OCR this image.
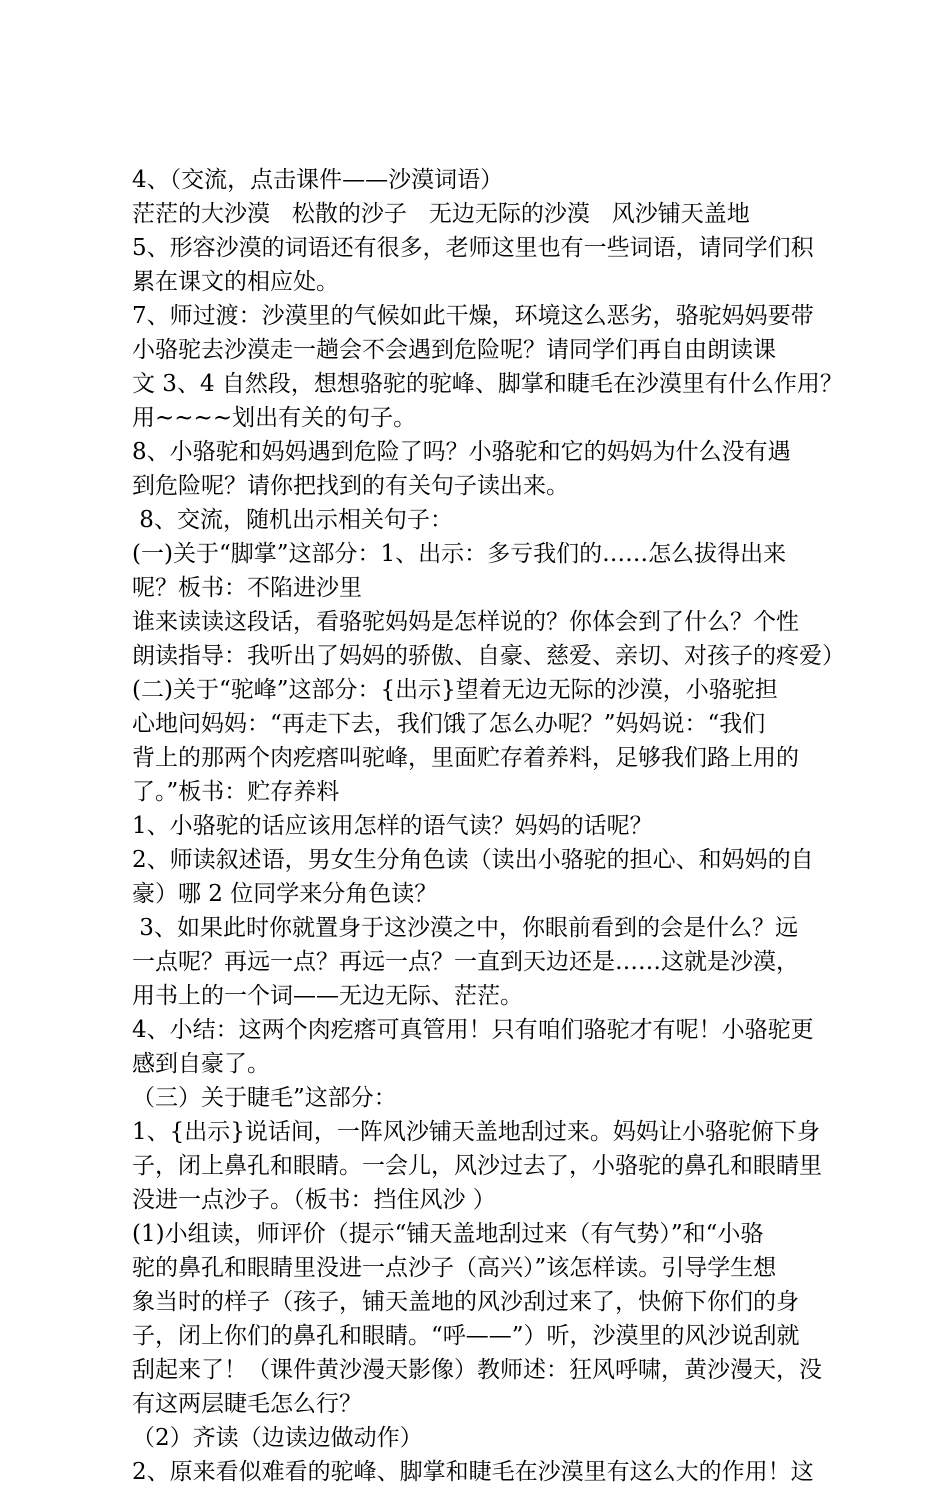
4、（交流，点击课件——沙漠词语）
茫茫的大沙漠   松散的沙子   无边无际的沙漠   风沙铺天盖地
5、形容沙漠的词语还有很多，老师这里也有一些词语，请同学们积
累在课文的相应处。
7、师过渡：沙漠里的气候如此干燥，环境这么恶劣，骆驼妈妈要带
小骆驼去沙漠走一趟会不会遇到危险呢？请同学们再自由朗读课
文 3、4 自然段，想想骆驼的驼峰、脚掌和睫毛在沙漠里有什么作用？
用~~~~划出有关的句子。
8、小骆驼和妈妈遇到危险了吗？小骆驼和它的妈妈为什么没有遇
到危险呢？请你把找到的有关句子读出来。
8、交流，随机出示相关句子：
(一)关于“脚掌”这部分：1、出示：多亏我们的……怎么拔得出来
呢？板书：不陷进沙里
谁来读读这段话，看骆驼妈妈是怎样说的？你体会到了什么？个性
朗读指导：我听出了妈妈的骄傲、自豪、慈爱、亲切、对孩子的疼爱）
(二)关于“驼峰”这部分：{出示}望着无边无际的沙漠，小骆驼担
心地问妈妈：“再走下去，我们饿了怎么办呢？”妈妈说：“我们
背上的那两个肉疙瘩叫驼峰，里面贮存着养料，足够我们路上用的
了。”板书：贮存养料
1、小骆驼的话应该用怎样的语气读？妈妈的话呢？
2、师读叙述语，男女生分角色读（读出小骆驼的担心、和妈妈的自
豪）哪 2 位同学来分角色读？
3、如果此时你就置身于这沙漠之中，你眼前看到的会是什么？远
一点呢？再远一点？再远一点？一直到天边还是……这就是沙漠，
用书上的一个词——无边无际、茫茫。
4、小结：这两个肉疙瘩可真管用！只有咱们骆驼才有呢！小骆驼更
感到自豪了。
（三）关于睫毛”这部分：
1、{出示}说话间，一阵风沙铺天盖地刮过来。妈妈让小骆驼俯下身
子，闭上鼻孔和眼睛。一会儿，风沙过去了，小骆驼的鼻孔和眼睛里
没进一点沙子。（板书：挡住风沙 ）
(1)小组读，师评价（提示“铺天盖地刮过来（有气势）”和“小骆
驼的鼻孔和眼睛里没进一点沙子（高兴）”该怎样读。引导学生想
象当时的样子（孩子，铺天盖地的风沙刮过来了，快俯下你们的身
子，闭上你们的鼻孔和眼睛。“呼——”）听，沙漠里的风沙说刮就
刮起来了！（课件黄沙漫天影像）教师述：狂风呼啸，黄沙漫天，没
有这两层睫毛怎么行？
（2）齐读（边读边做动作）
2、原来看似难看的驼峰、脚掌和睫毛在沙漠里有这么大的作用！这
